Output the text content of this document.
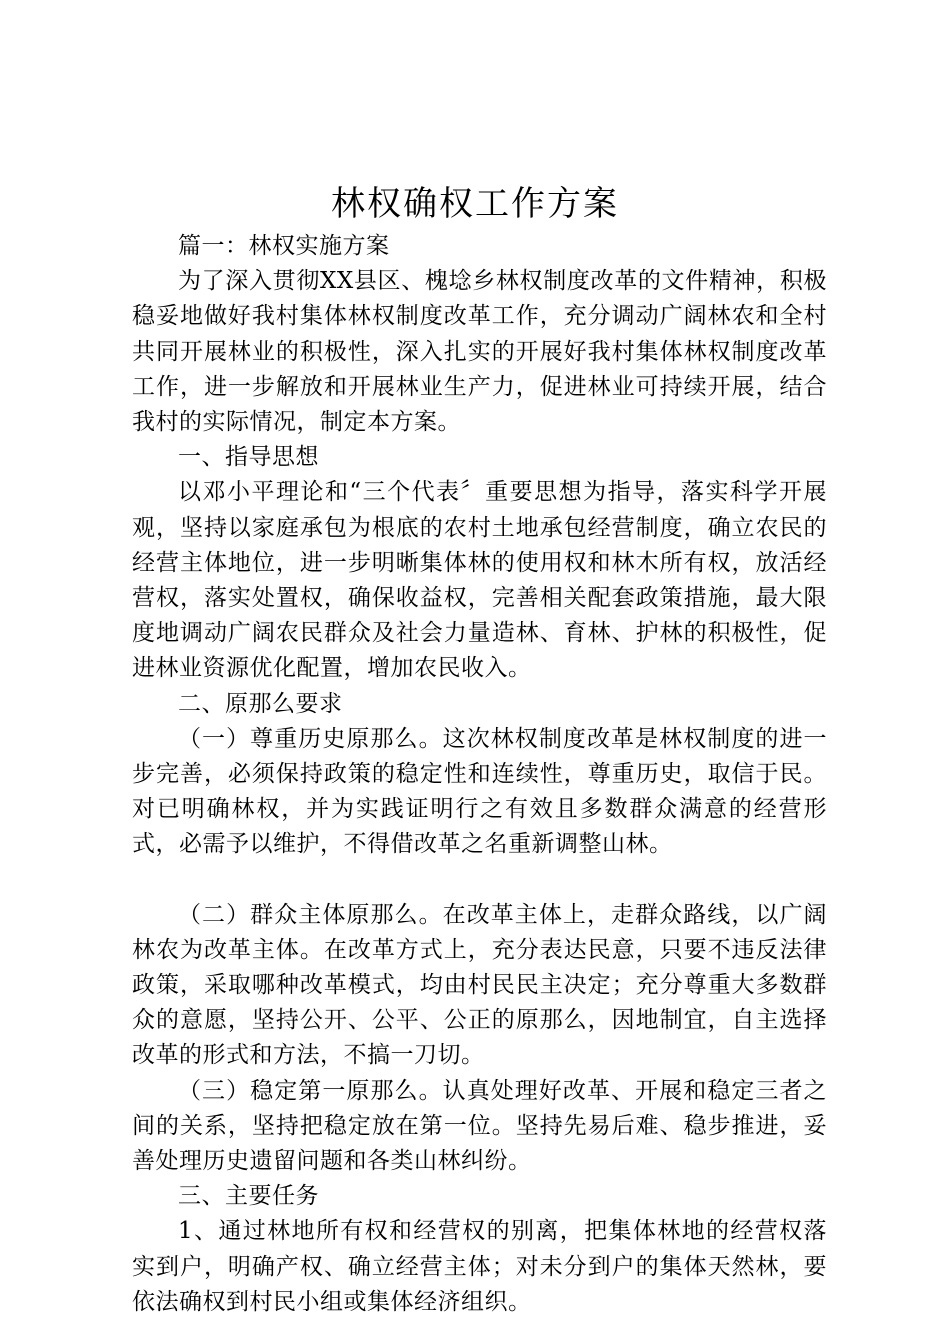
林权确权工作方案

篇一：林权实施方案

为了深入贯彻XX县区、槐埝乡林权制度改革的文件精神，积极稳妥地做好我村集体林权制度改革工作，充分调动广阔林农和全村共同开展林业的积极性，深入扎实的开展好我村集体林权制度改革工作，进一步解放和开展林业生产力，促进林业可持续开展，结合我村的实际情况，制定本方案。

一、指导思想

以邓小平理论和“三个代表〞重要思想为指导，落实科学开展观，坚持以家庭承包为根底的农村土地承包经营制度，确立农民的经营主体地位，进一步明晰集体林的使用权和林木所有权，放活经营权，落实处置权，确保收益权，完善相关配套政策措施，最大限度地调动广阔农民群众及社会力量造林、育林、护林的积极性，促进林业资源优化配置，增加农民收入。

二、原那么要求

（一）尊重历史原那么。这次林权制度改革是林权制度的进一步完善，必须保持政策的稳定性和连续性，尊重历史，取信于民。对已明确林权，并为实践证明行之有效且多数群众满意的经营形式，必需予以维护，不得借改革之名重新调整山林。

（二）群众主体原那么。在改革主体上，走群众路线，以广阔林农为改革主体。在改革方式上，充分表达民意，只要不违反法律政策，采取哪种改革模式，均由村民民主决定；充分尊重大多数群众的意愿，坚持公开、公平、公正的原那么，因地制宜，自主选择改革的形式和方法，不搞一刀切。

（三）稳定第一原那么。认真处理好改革、开展和稳定三者之间的关系，坚持把稳定放在第一位。坚持先易后难、稳步推进，妥善处理历史遗留问题和各类山林纠纷。

三、主要任务

1、通过林地所有权和经营权的别离，把集体林地的经营权落实到户，明确产权、确立经营主体；对未分到户的集体天然林，要依法确权到村民小组或集体经济组织。
